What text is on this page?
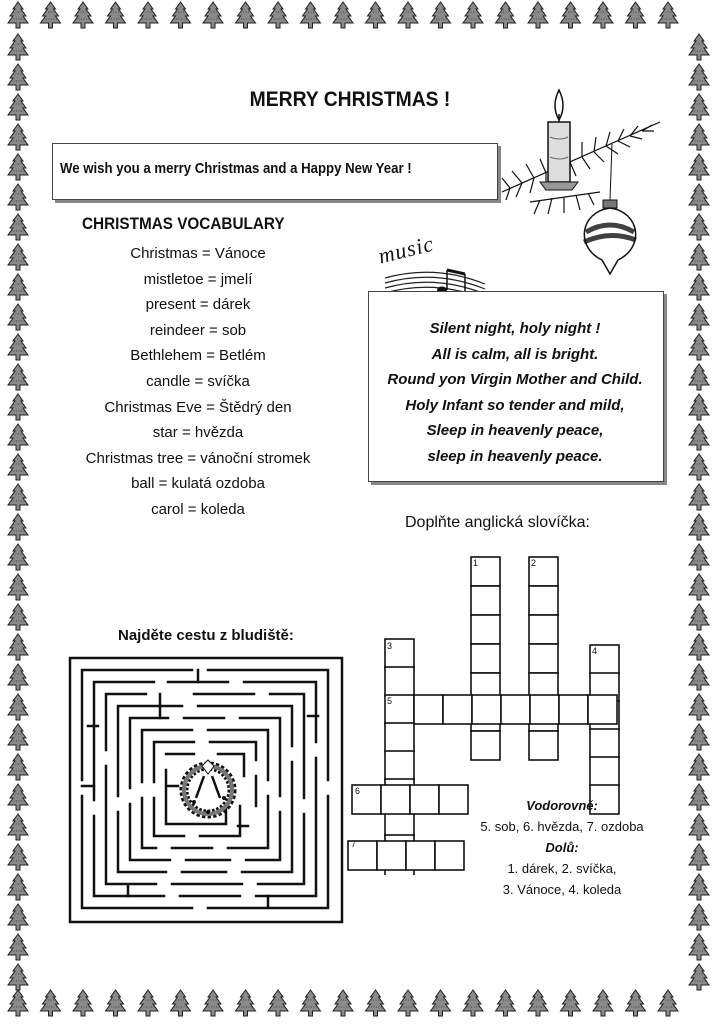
MERRY CHRISTMAS !
We wish you a merry Christmas and a Happy New Year !
CHRISTMAS VOCABULARY
Christmas = Vánoce
mistletoe = jmelí
present = dárek
reindeer = sob
Bethlehem = Betlém
candle = svíčka
Christmas Eve = Štědrý den
star = hvězda
Christmas tree = vánoční stromek
ball = kulatá ozdoba
carol = koleda
music
Silent night, holy night !
All is calm, all is bright.
Round yon Virgin Mother and Child.
Holy Infant so tender and mild,
Sleep in heavenly peace,
sleep in heavenly peace.
Doplňte anglická slovíčka:
Najděte cestu z bludiště:
1	2
3	4
5
6
7
Vodorovně:
5. sob, 6. hvězda, 7. ozdoba
Dolů:
1. dárek, 2. svíčka,
3. Vánoce, 4. koleda
